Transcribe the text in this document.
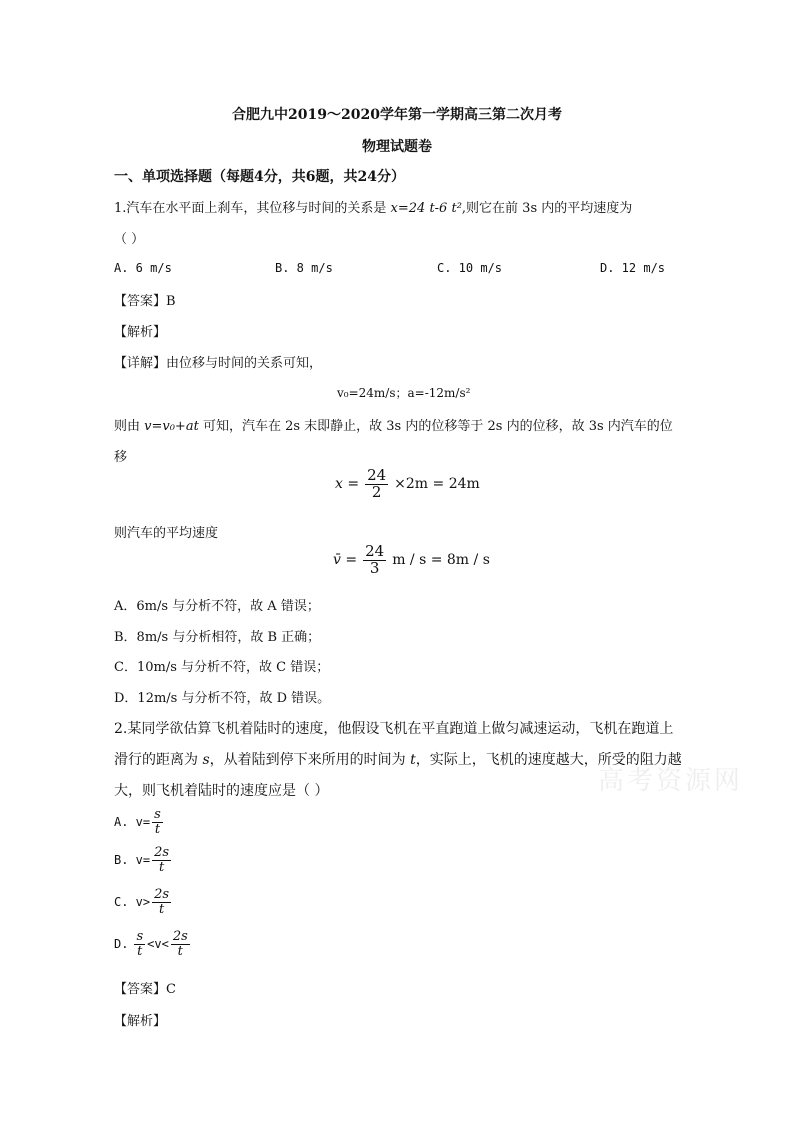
合肥九中2019～2020学年第一学期高三第二次月考
物理试题卷
一、单项选择题（每题4分，共6题，共24分）
1.汽车在水平面上刹车，其位移与时间的关系是 x=24 t-6 t²,则它在前 3s 内的平均速度为
（ ）
A. 6 m/s	B. 8 m/s	C. 10 m/s	D. 12 m/s
【答案】B
【解析】
【详解】由位移与时间的关系可知，
v₀=24m/s；a=-12m/s²
则由 v=v₀+at 可知，汽车在 2s 末即静止，故 3s 内的位移等于 2s 内的位移，故 3s 内汽车的位
移
$x = \frac{24}{2} \times 2m = 24m$
则汽车的平均速度
v̄ = $\frac{24}{3}$ m / s = 8m / s
A．6m/s 与分析不符，故 A 错误；
B．8m/s 与分析相符，故 B 正确；
C．10m/s 与分析不符，故 C 错误；
D．12m/s 与分析不符，故 D 错误。
2.某同学欲估算飞机着陆时的速度，他假设飞机在平直跑道上做匀减速运动，飞机在跑道上
滑行的距离为 s，从着陆到停下来所用的时间为 t，实际上，飞机的速度越大，所受的阻力越
大，则飞机着陆时的速度应是（ ）	高考资源网
A. $v= \frac{s}{t}$
B. $v= \frac{2s}{t}$
C. $v> \frac{2s}{t}$
D. $\frac{s}{t} <v< \frac{2s}{t}$
【答案】C
【解析】
